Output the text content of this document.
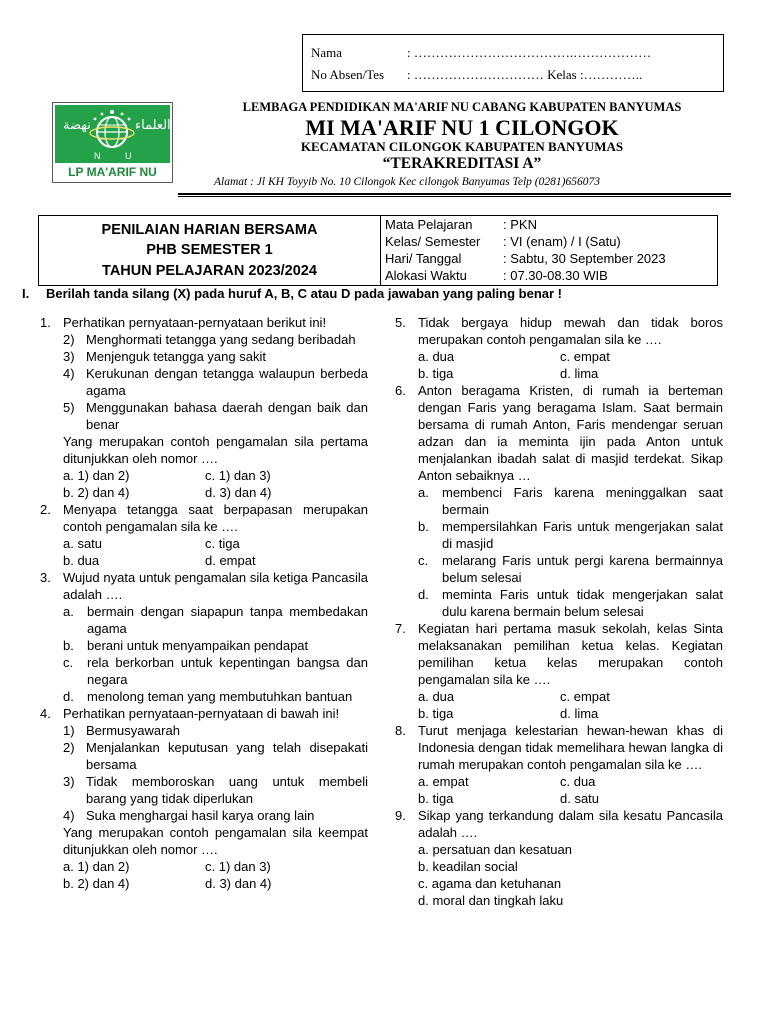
Nama	: ……………………………….………………
No Absen/Tes : ………………………… Kelas :…………..
نهضة	العلماء
N	U
LP MA'ARIF NU
LEMBAGA PENDIDIKAN MA'ARIF NU CABANG KABUPATEN BANYUMAS
MI MA'ARIF NU 1 CILONGOK
KECAMATAN CILONGOK KABUPATEN BANYUMAS
“TERAKREDITASI A”
Alamat : Jl KH Toyyib No. 10 Cilongok Kec cilongok Banyumas Telp (0281)656073
PENILAIAN HARIAN BERSAMA
PHB SEMESTER 1
TAHUN PELAJARAN 2023/2024
Mata Pelajaran : PKN
Kelas/ Semester : VI (enam) / I (Satu)
Hari/ Tanggal	: Sabtu, 30 September 2023
Alokasi Waktu	: 07.30-08.30 WIB
I. Berilah tanda silang (X) pada huruf A, B, C atau D pada jawaban yang paling benar !
1. Perhatikan pernyataan-pernyataan berikut ini!
2) Menghormati tetangga yang sedang beribadah
3) Menjenguk tetangga yang sakit
4) Kerukunan dengan tetangga walaupun berbeda agama
5) Menggunakan bahasa daerah dengan baik dan benar
Yang merupakan contoh pengamalan sila pertama ditunjukkan oleh nomor ….
a. 1) dan 2)	c. 1) dan 3)
b. 2) dan 4)	d. 3) dan 4)
2. Menyapa tetangga saat berpapasan merupakan contoh pengamalan sila ke ….
a. satu	c. tiga
b. dua	d. empat
3. Wujud nyata untuk pengamalan sila ketiga Pancasila adalah ….
a.	bermain dengan siapapun tanpa membedakan agama
b.	berani untuk menyampaikan pendapat
c.	rela berkorban untuk kepentingan bangsa dan negara
d.	menolong teman yang membutuhkan bantuan
4. Perhatikan pernyataan-pernyataan di bawah ini!
1) Bermusyawarah
2) Menjalankan keputusan yang telah disepakati bersama
3) Tidak memboroskan uang untuk membeli barang yang tidak diperlukan
4) Suka menghargai hasil karya orang lain
Yang merupakan contoh pengamalan sila keempat ditunjukkan oleh nomor ….
a. 1) dan 2)	c. 1) dan 3)
b. 2) dan 4)	d. 3) dan 4)
5. Tidak bergaya hidup mewah dan tidak boros merupakan contoh pengamalan sila ke ….
a. dua	c. empat
b. tiga	d. lima
6. Anton beragama Kristen, di rumah ia berteman dengan Faris yang beragama Islam. Saat bermain bersama di rumah Anton, Faris mendengar seruan adzan dan ia meminta ijin pada Anton untuk menjalankan ibadah salat di masjid terdekat. Sikap Anton sebaiknya …
a.	membenci Faris karena meninggalkan saat bermain
b.	mempersilahkan Faris untuk mengerjakan salat di masjid
c.	melarang Faris untuk pergi karena bermainnya belum selesai
d.	meminta Faris untuk tidak mengerjakan salat dulu karena bermain belum selesai
7. Kegiatan hari pertama masuk sekolah, kelas Sinta melaksanakan pemilihan ketua kelas. Kegiatan pemilihan ketua kelas merupakan contoh pengamalan sila ke ….
a. dua	c. empat
b. tiga	d. lima
8. Turut menjaga kelestarian hewan-hewan khas di Indonesia dengan tidak memelihara hewan langka di rumah merupakan contoh pengamalan sila ke ….
a. empat	c. dua
b. tiga	d. satu
9. Sikap yang terkandung dalam sila kesatu Pancasila adalah ….
a. persatuan dan kesatuan
b. keadilan social
c. agama dan ketuhanan
d. moral dan tingkah laku
